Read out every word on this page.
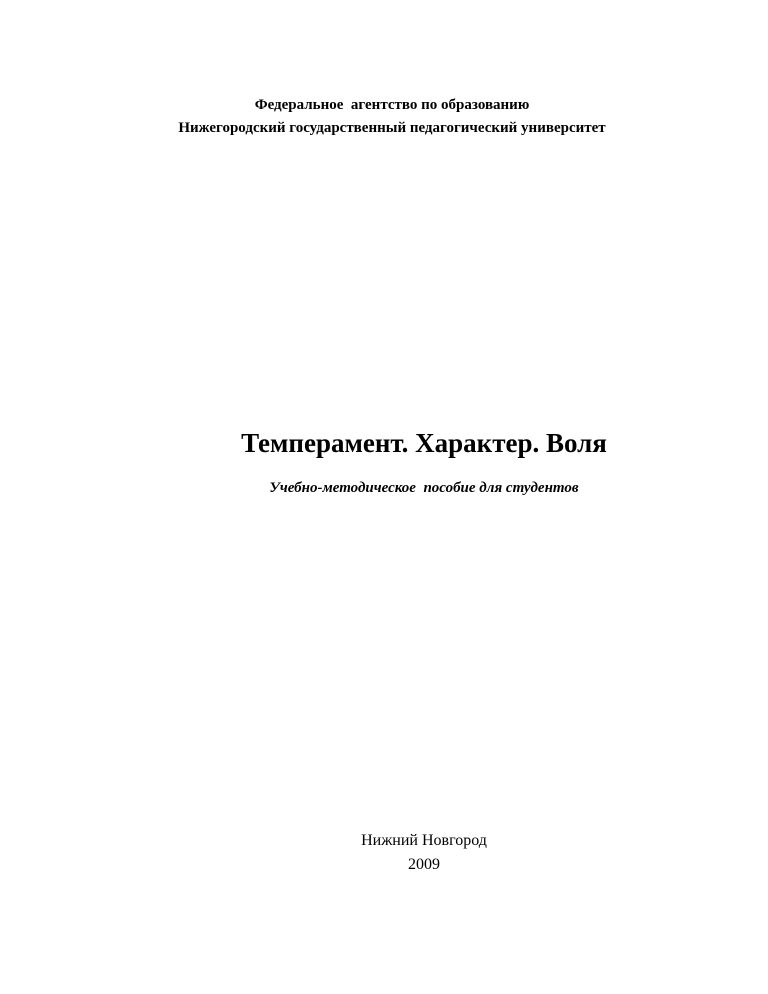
Федеральное  агентство по образованию
Нижегородский государственный педагогический университет
Темперамент. Характер. Воля
Учебно-методическое  пособие для студентов
Нижний Новгород
2009
